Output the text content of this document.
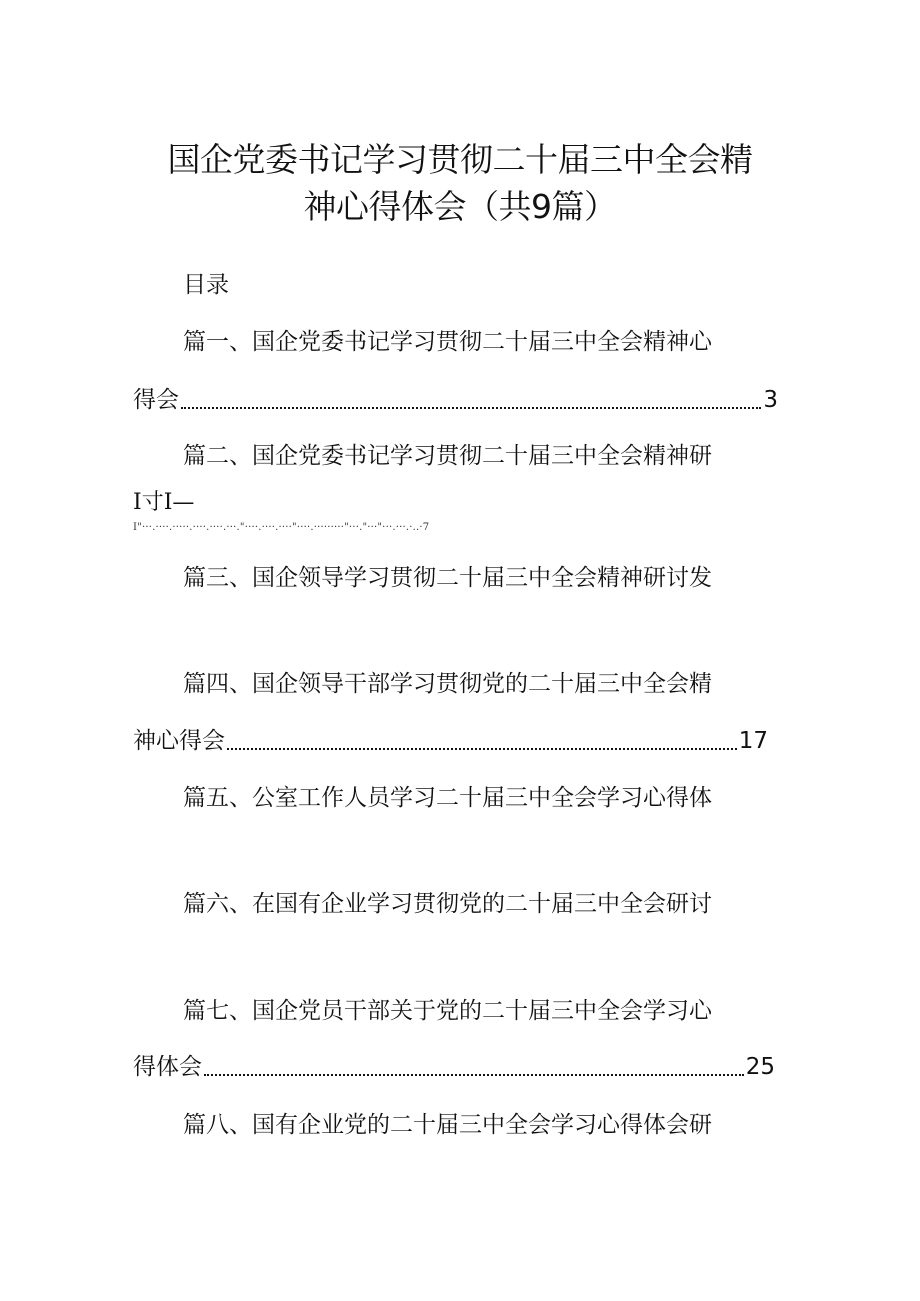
国企党委书记学习贯彻二十届三中全会精
神心得体会（共9篇）
目录
篇一、国企党委书记学习贯彻二十届三中全会精神心
得会	3
篇二、国企党委书记学习贯彻二十届三中全会精神研
I寸I—
I"···.····.·····.····.····.···."····.····.····"····.·········"···."···"···.···.·..·7
篇三、国企领导学习贯彻二十届三中全会精神研讨发
篇四、国企领导干部学习贯彻党的二十届三中全会精
神心得会	17
篇五、公室工作人员学习二十届三中全会学习心得体
篇六、在国有企业学习贯彻党的二十届三中全会研讨
篇七、国企党员干部关于党的二十届三中全会学习心
得体会	25
篇八、国有企业党的二十届三中全会学习心得体会研
